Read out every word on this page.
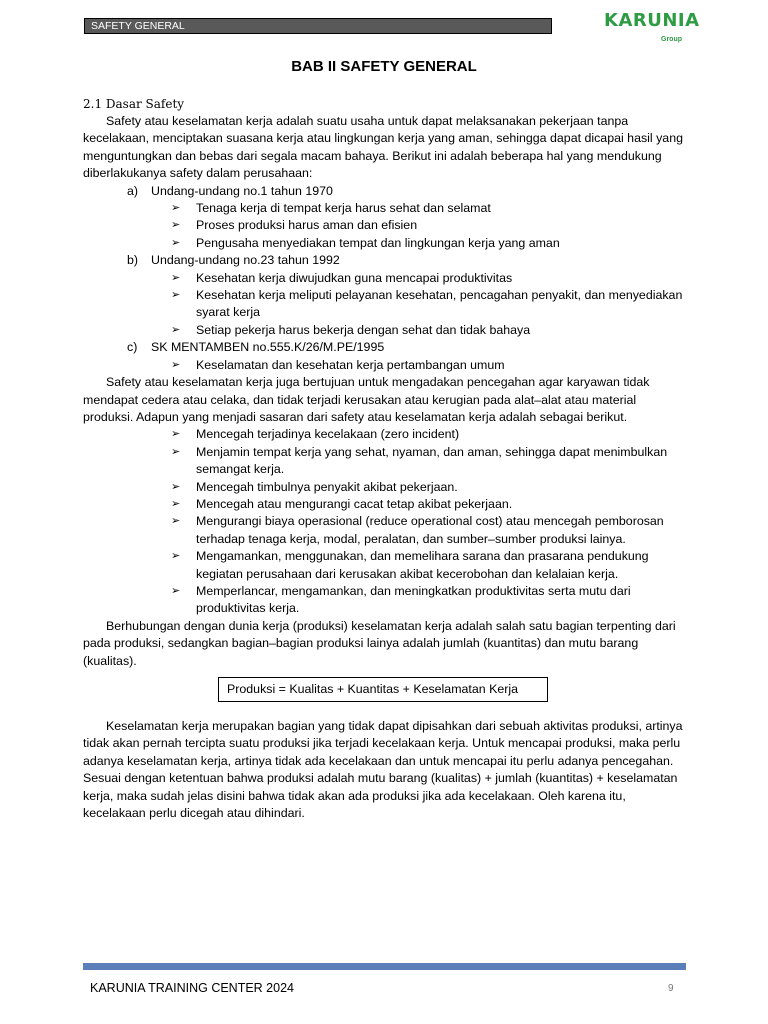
SAFETY GENERAL	KARUNIA
Group
BAB II SAFETY GENERAL

2.1 Dasar Safety

Safety atau keselamatan kerja adalah suatu usaha untuk dapat melaksanakan pekerjaan tanpa kecelakaan, menciptakan suasana kerja atau lingkungan kerja yang aman, sehingga dapat dicapai hasil yang menguntungkan dan bebas dari segala macam bahaya. Berikut ini adalah beberapa hal yang mendukung diberlakukanya safety dalam perusahaan:

a) Undang-undang no.1 tahun 1970

➢ Tenaga kerja di tempat kerja harus sehat dan selamat

➢ Proses produksi harus aman dan efisien

➢ Pengusaha menyediakan tempat dan lingkungan kerja yang aman

b) Undang-undang no.23 tahun 1992

➢ Kesehatan kerja diwujudkan guna mencapai produktivitas

➢ Kesehatan kerja meliputi pelayanan kesehatan, pencagahan penyakit, dan menyediakan syarat kerja

➢ Setiap pekerja harus bekerja dengan sehat dan tidak bahaya

c) SK MENTAMBEN no.555.K/26/M.PE/1995

➢ Keselamatan dan kesehatan kerja pertambangan umum

Safety atau keselamatan kerja juga bertujuan untuk mengadakan pencegahan agar karyawan tidak mendapat cedera atau celaka, dan tidak terjadi kerusakan atau kerugian pada alat–alat atau material produksi. Adapun yang menjadi sasaran dari safety atau keselamatan kerja adalah sebagai berikut.

➢ Mencegah terjadinya kecelakaan (zero incident)

➢ Menjamin tempat kerja yang sehat, nyaman, dan aman, sehingga dapat menimbulkan semangat kerja.

➢ Mencegah timbulnya penyakit akibat pekerjaan.

➢ Mencegah atau mengurangi cacat tetap akibat pekerjaan.

➢ Mengurangi biaya operasional (reduce operational cost) atau mencegah pemborosan terhadap tenaga kerja, modal, peralatan, dan sumber–sumber produksi lainya.

➢ Mengamankan, menggunakan, dan memelihara sarana dan prasarana pendukung kegiatan perusahaan dari kerusakan akibat kecerobohan dan kelalaian kerja.

➢ Memperlancar, mengamankan, dan meningkatkan produktivitas serta mutu dari produktivitas kerja.

Berhubungan dengan dunia kerja (produksi) keselamatan kerja adalah salah satu bagian terpenting dari pada produksi, sedangkan bagian–bagian produksi lainya adalah jumlah (kuantitas) dan mutu barang (kualitas).

Produksi = Kualitas + Kuantitas + Keselamatan Kerja

Keselamatan kerja merupakan bagian yang tidak dapat dipisahkan dari sebuah aktivitas produksi, artinya tidak akan pernah tercipta suatu produksi jika terjadi kecelakaan kerja. Untuk mencapai produksi, maka perlu adanya keselamatan kerja, artinya tidak ada kecelakaan dan untuk mencapai itu perlu adanya pencegahan. Sesuai dengan ketentuan bahwa produksi adalah mutu barang (kualitas) + jumlah (kuantitas) + keselamatan kerja, maka sudah jelas disini bahwa tidak akan ada produksi jika ada kecelakaan. Oleh karena itu, kecelakaan perlu dicegah atau dihindari.

KARUNIA TRAINING CENTER 2024	9
